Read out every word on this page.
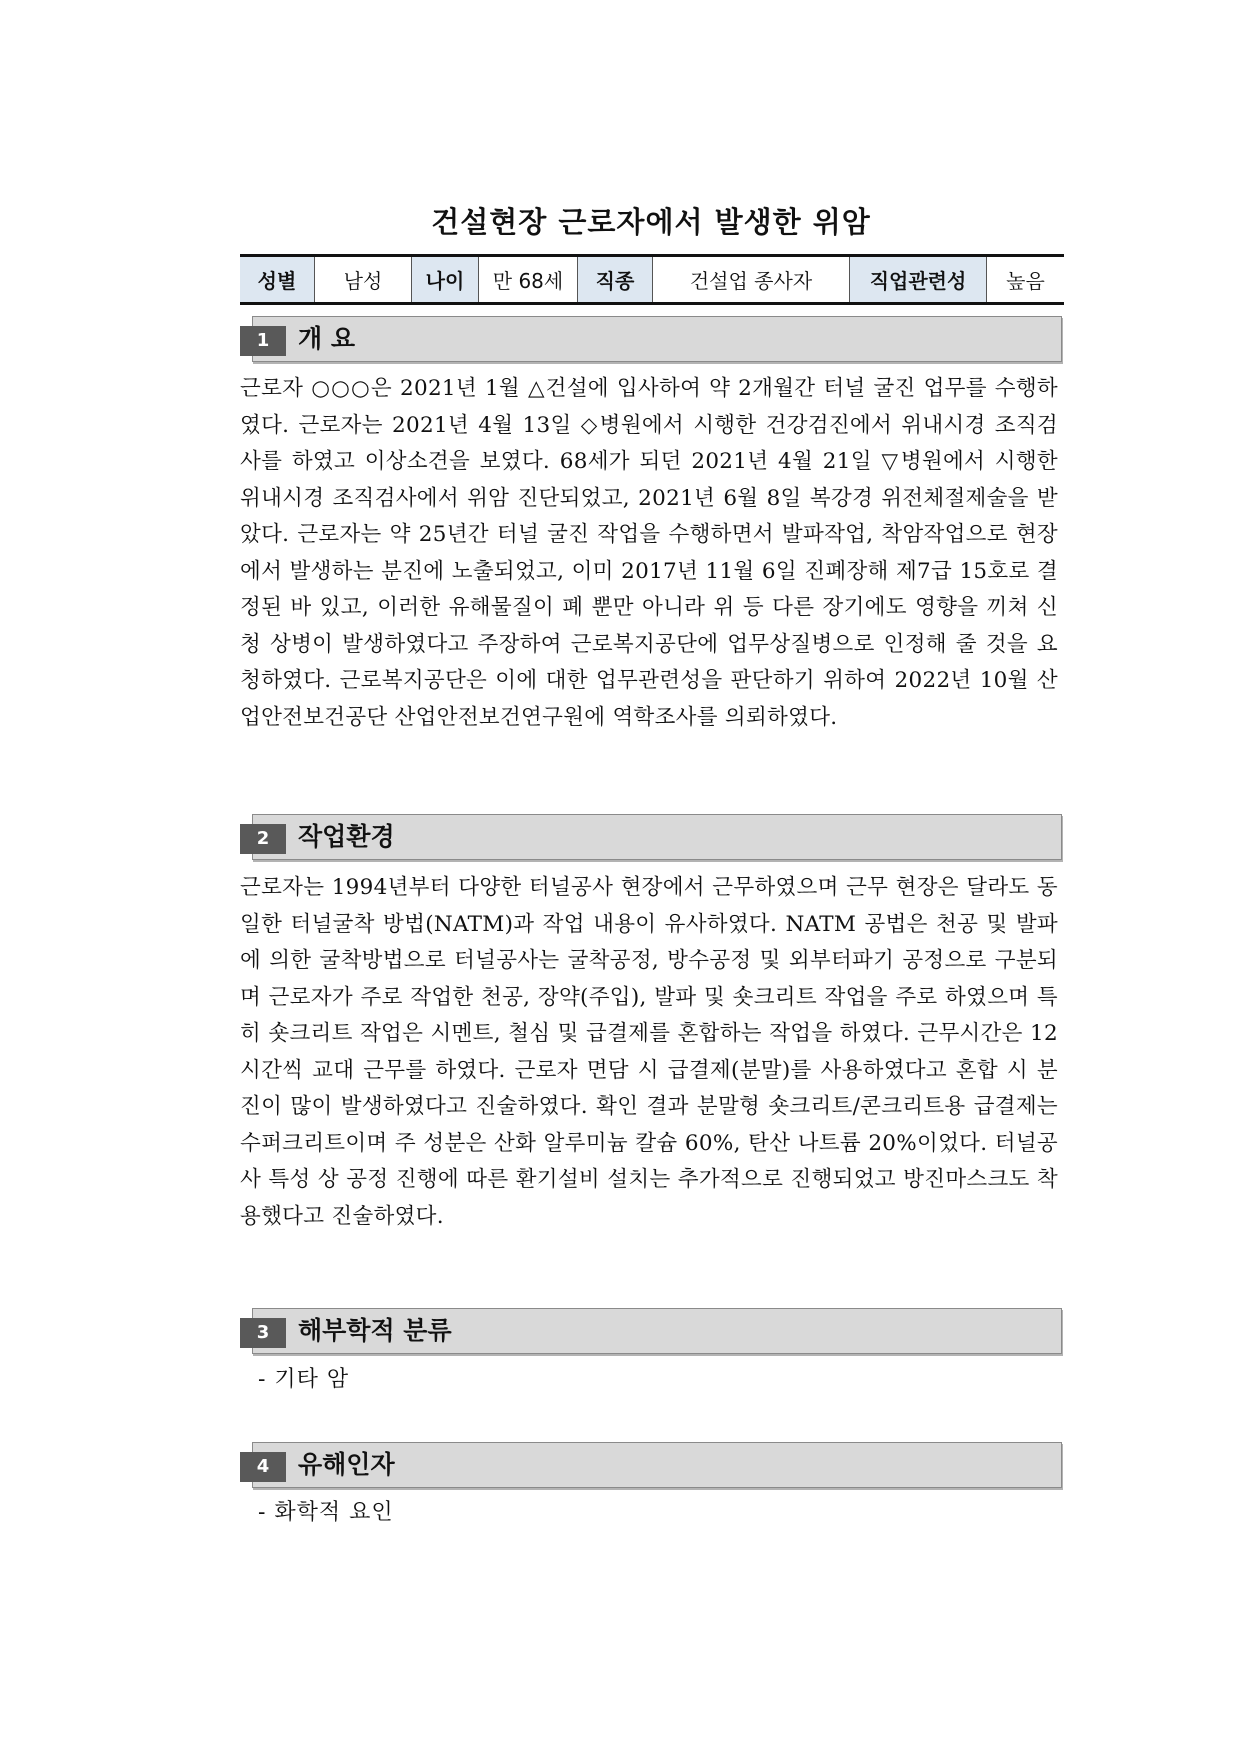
건설현장 근로자에서 발생한 위암
성별	남성	나이	만 68세	직종	건설업 종사자	직업관련성	높음
1	개 요

근로자 ○○○은 2021년 1월 △건설에 입사하여 약 2개월간 터널 굴진 업무를 수행하였다. 근로자는 2021년 4월 13일 ◇병원에서 시행한 건강검진에서 위내시경 조직검사를 하였고 이상소견을 보였다. 68세가 되던 2021년 4월 21일 ▽병원에서 시행한 위내시경 조직검사에서 위암 진단되었고, 2021년 6월 8일 복강경 위전체절제술을 받았다. 근로자는 약 25년간 터널 굴진 작업을 수행하면서 발파작업, 착암작업으로 현장에서 발생하는 분진에 노출되었고, 이미 2017년 11월 6일 진폐장해 제7급 15호로 결정된 바 있고, 이러한 유해물질이 폐 뿐만 아니라 위 등 다른 장기에도 영향을 끼쳐 신청 상병이 발생하였다고 주장하여 근로복지공단에 업무상질병으로 인정해 줄 것을 요청하였다. 근로복지공단은 이에 대한 업무관련성을 판단하기 위하여 2022년 10월 산업안전보건공단 산업안전보건연구원에 역학조사를 의뢰하였다.

2	작업환경

근로자는 1994년부터 다양한 터널공사 현장에서 근무하였으며 근무 현장은 달라도 동일한 터널굴착 방법(NATM)과 작업 내용이 유사하였다. NATM 공법은 천공 및 발파에 의한 굴착방법으로 터널공사는 굴착공정, 방수공정 및 외부터파기 공정으로 구분되며 근로자가 주로 작업한 천공, 장약(주입), 발파 및 숏크리트 작업을 주로 하였으며 특히 숏크리트 작업은 시멘트, 철심 및 급결제를 혼합하는 작업을 하였다. 근무시간은 12시간씩 교대 근무를 하였다. 근로자 면담 시 급결제(분말)를 사용하였다고 혼합 시 분진이 많이 발생하였다고 진술하였다. 확인 결과 분말형 숏크리트/콘크리트용 급결제는 수퍼크리트이며 주 성분은 산화 알루미늄 칼슘 60%, 탄산 나트륨 20%이었다. 터널공사 특성 상 공정 진행에 따른 환기설비 설치는 추가적으로 진행되었고 방진마스크도 착용했다고 진술하였다.

3	해부학적 분류

- 기타 암

4	유해인자

- 화학적 요인
